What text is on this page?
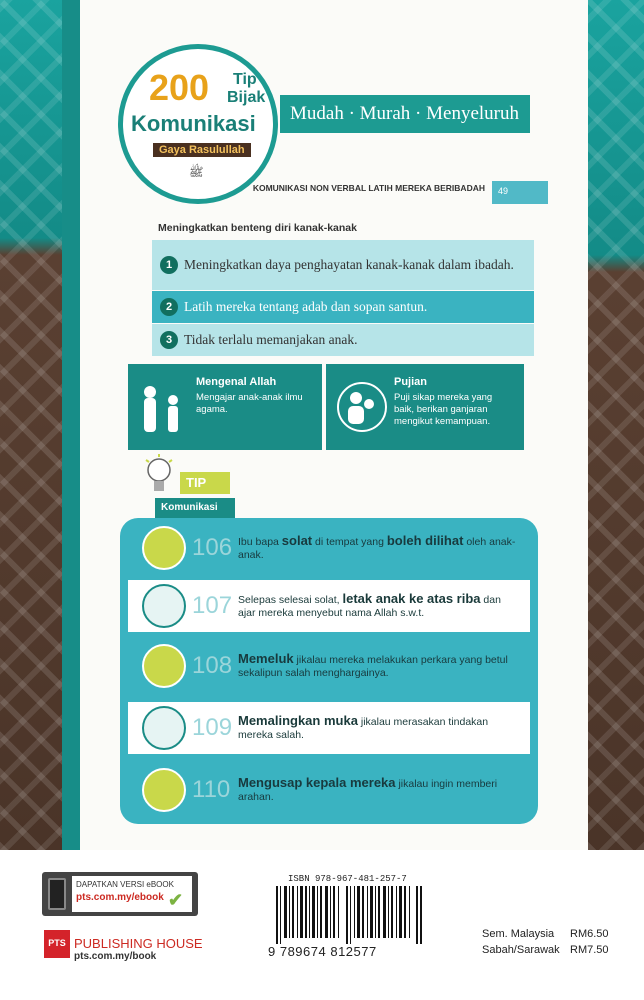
200 Tip
Bijak
Komunikasi
Gaya Rasulullah
ﷺ
Mudah · Murah · Menyeluruh
KOMUNIKASI NON VERBAL LATIH MEREKA BERIBADAH	49
Meningkatkan benteng diri kanak-kanak
1 Meningkatkan daya penghayatan kanak-kanak dalam ibadah.
2 Latih mereka tentang adab dan sopan santun.
3 Tidak terlalu memanjakan anak.
Mengenal Allah
Mengajar anak-anak ilmu agama.
Pujian
Puji sikap mereka yang baik, berikan ganjaran mengikut kemampuan.
TIP
Komunikasi
106 Ibu bapa solat di tempat yang boleh dilihat oleh anak-anak.
107 Selepas selesai solat, letak anak ke atas riba dan ajar mereka menyebut nama Allah s.w.t.
108 Memeluk jikalau mereka melakukan perkara yang betul sekalipun salah menghargainya.
109 Memalingkan muka jikalau merasakan tindakan mereka salah.
110 Mengusap kepala mereka jikalau ingin memberi arahan.
DAPATKAN VERSI eBOOK
pts.com.my/ebook ✔
PTS PUBLISHING HOUSE
pts.com.my/book
ISBN 978-967-481-257-7
9 789674 812577
Sem. Malaysia RM6.50
Sabah/Sarawak RM7.50
